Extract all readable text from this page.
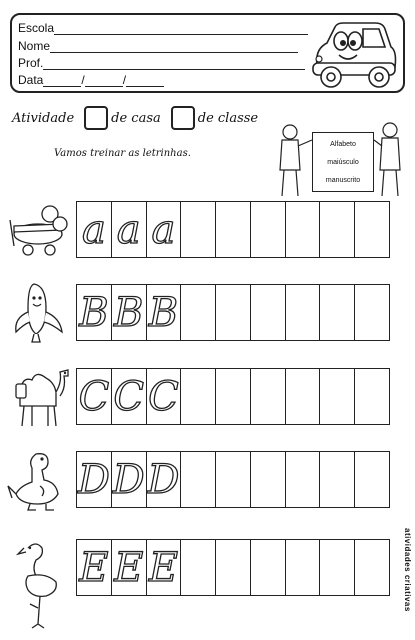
Escola
Nome
Prof.
Data	/	/
Atividade	de casa	de classe
Vamos treinar as letrinhas.
Alfabeto
maiúsculo
manuscrito
a a a
B B B
C C C
D D D
E E E	atividades criativas
